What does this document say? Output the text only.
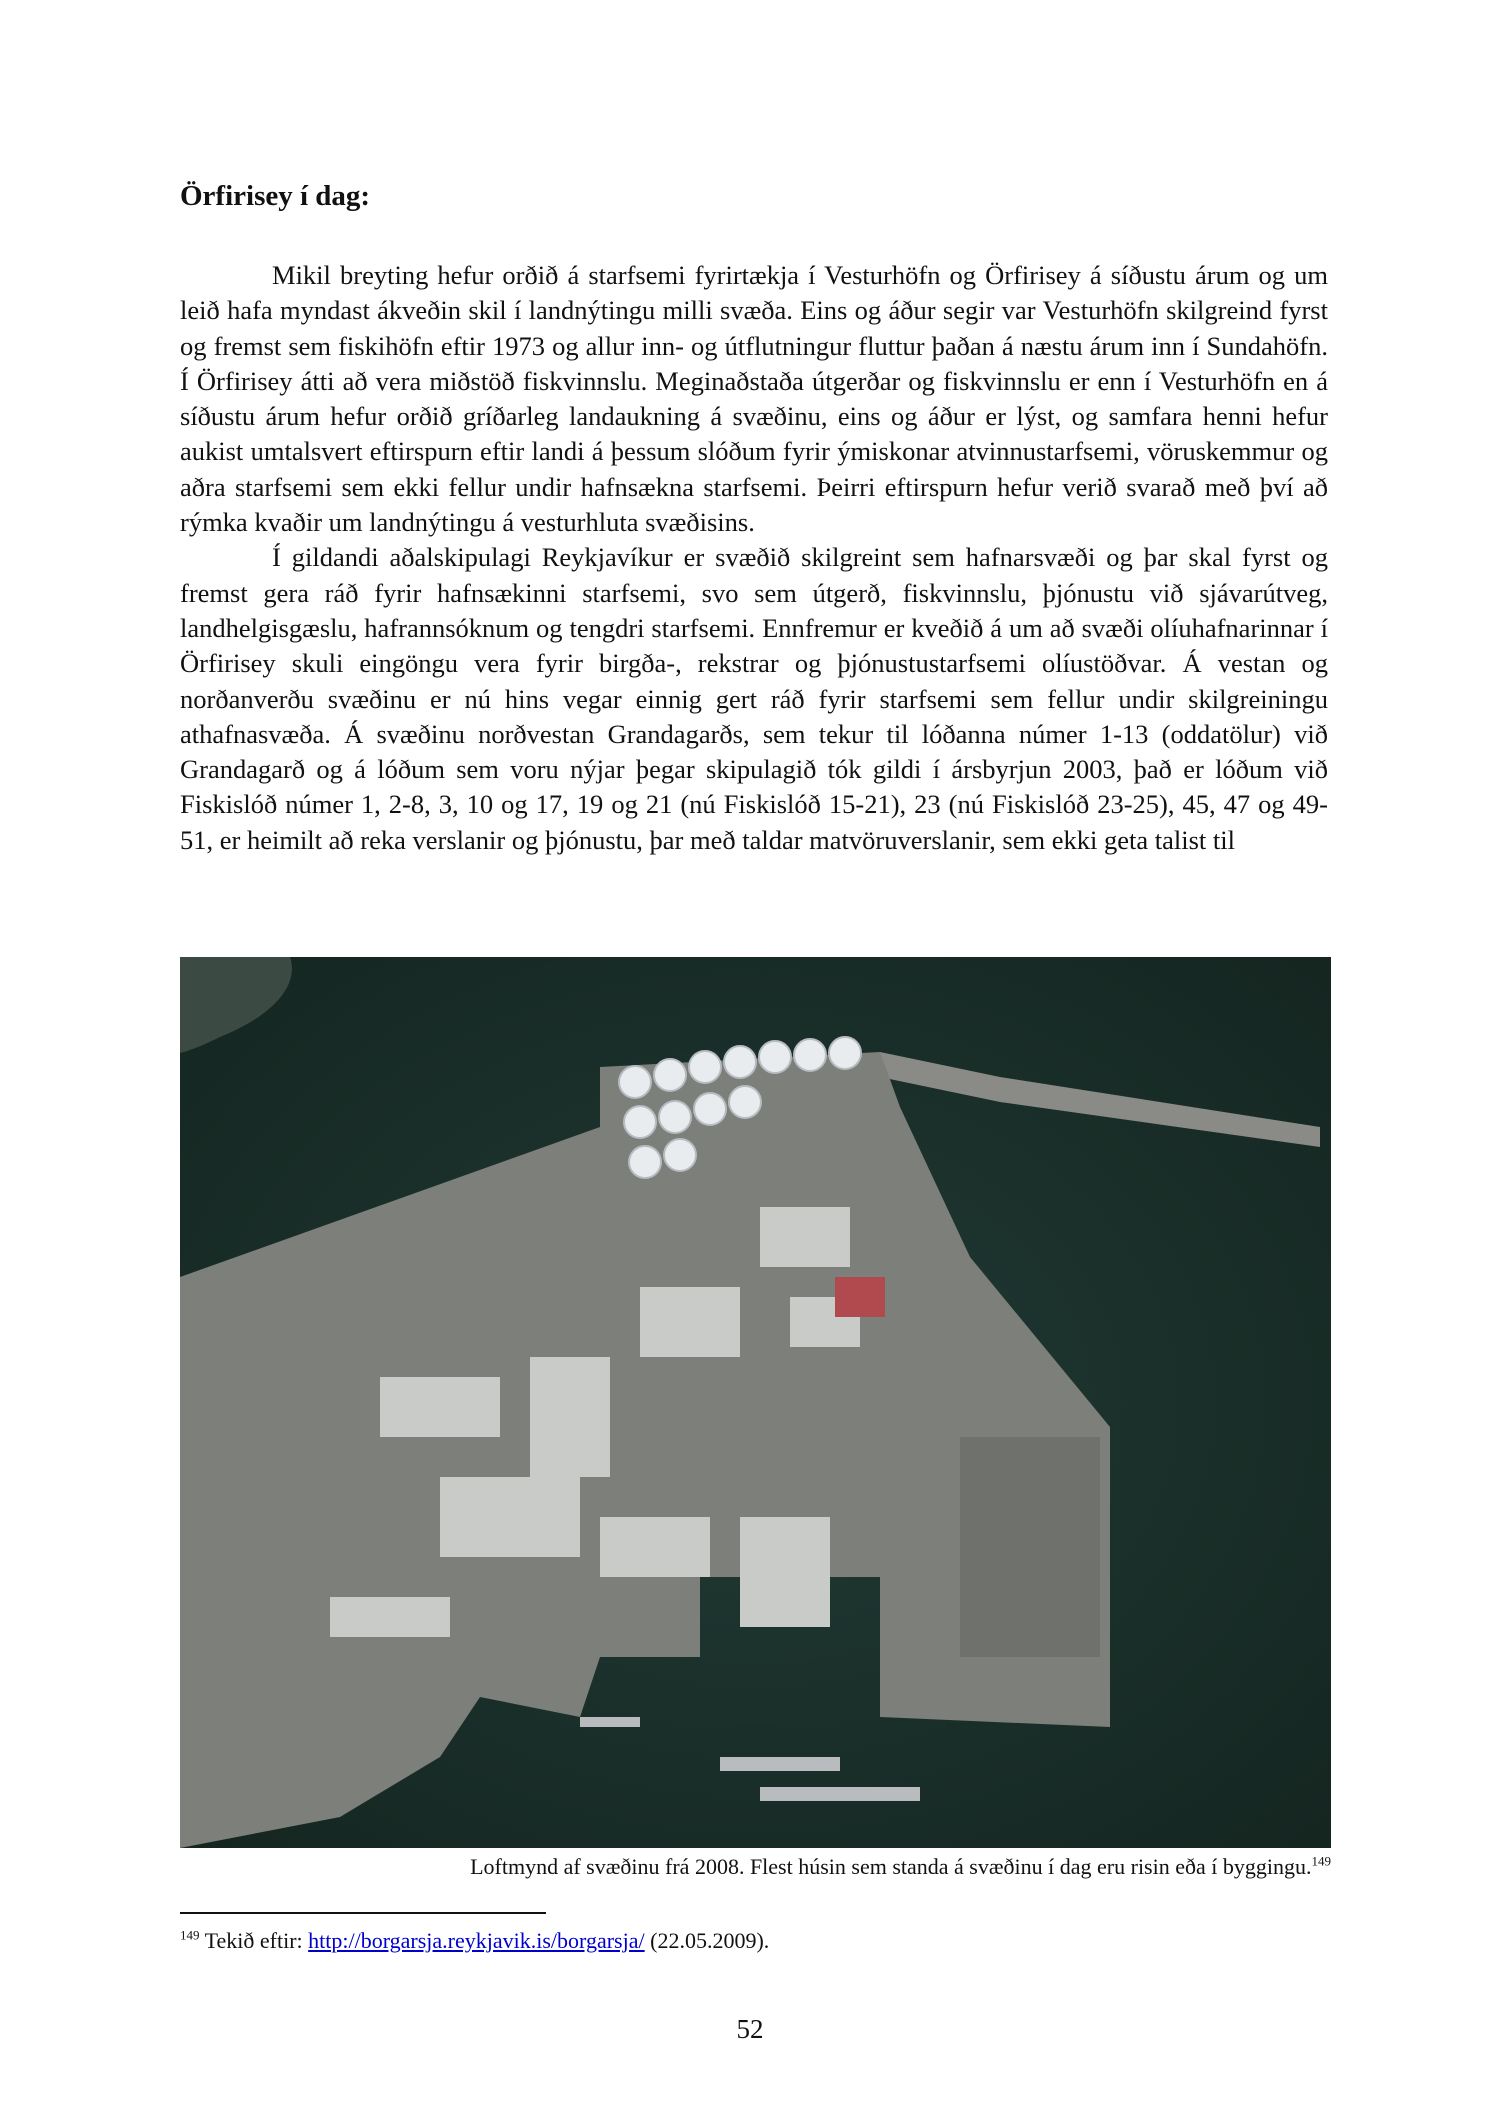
Örfirisey í dag:

Mikil breyting hefur orðið á starfsemi fyrirtækja í Vesturhöfn og Örfirisey á síðustu árum og um leið hafa myndast ákveðin skil í landnýtingu milli svæða. Eins og áður segir var Vesturhöfn skilgreind fyrst og fremst sem fiskihöfn eftir 1973 og allur inn- og útflutningur fluttur þaðan á næstu árum inn í Sundahöfn. Í Örfirisey átti að vera miðstöð fiskvinnslu. Meginaðstaða útgerðar og fiskvinnslu er enn í Vesturhöfn en á síðustu árum hefur orðið gríðarleg landaukning á svæðinu, eins og áður er lýst, og samfara henni hefur aukist umtalsvert eftirspurn eftir landi á þessum slóðum fyrir ýmiskonar atvinnustarfsemi, vöruskemmur og aðra starfsemi sem ekki fellur undir hafnsækna starfsemi. Þeirri eftirspurn hefur verið svarað með því að rýmka kvaðir um landnýtingu á vesturhluta svæðisins.

Í gildandi aðalskipulagi Reykjavíkur er svæðið skilgreint sem hafnarsvæði og þar skal fyrst og fremst gera ráð fyrir hafnsækinni starfsemi, svo sem útgerð, fiskvinnslu, þjónustu við sjávarútveg, landhelgisgæslu, hafrannsóknum og tengdri starfsemi. Ennfremur er kveðið á um að svæði olíuhafnarinnar í Örfirisey skuli eingöngu vera fyrir birgða-, rekstrar og þjónustustarfsemi olíustöðvar. Á vestan og norðanverðu svæðinu er nú hins vegar einnig gert ráð fyrir starfsemi sem fellur undir skilgreiningu athafnasvæða. Á svæðinu norðvestan Grandagarðs, sem tekur til lóðanna númer 1-13 (oddatölur) við Grandagarð og á lóðum sem voru nýjar þegar skipulagið tók gildi í ársbyrjun 2003, það er lóðum við Fiskislóð númer 1, 2-8, 3, 10 og 17, 19 og 21 (nú Fiskislóð 15-21), 23 (nú Fiskislóð 23-25), 45, 47 og 49-51, er heimilt að reka verslanir og þjónustu, þar með taldar matvöruverslanir, sem ekki geta talist til

Loftmynd af svæðinu frá 2008. Flest húsin sem standa á svæðinu í dag eru risin eða í byggingu.$^{149}$
$^{149}$ Tekið eftir: http://borgarsja.reykjavik.is/borgarsja/ (22.05.2009).
52
